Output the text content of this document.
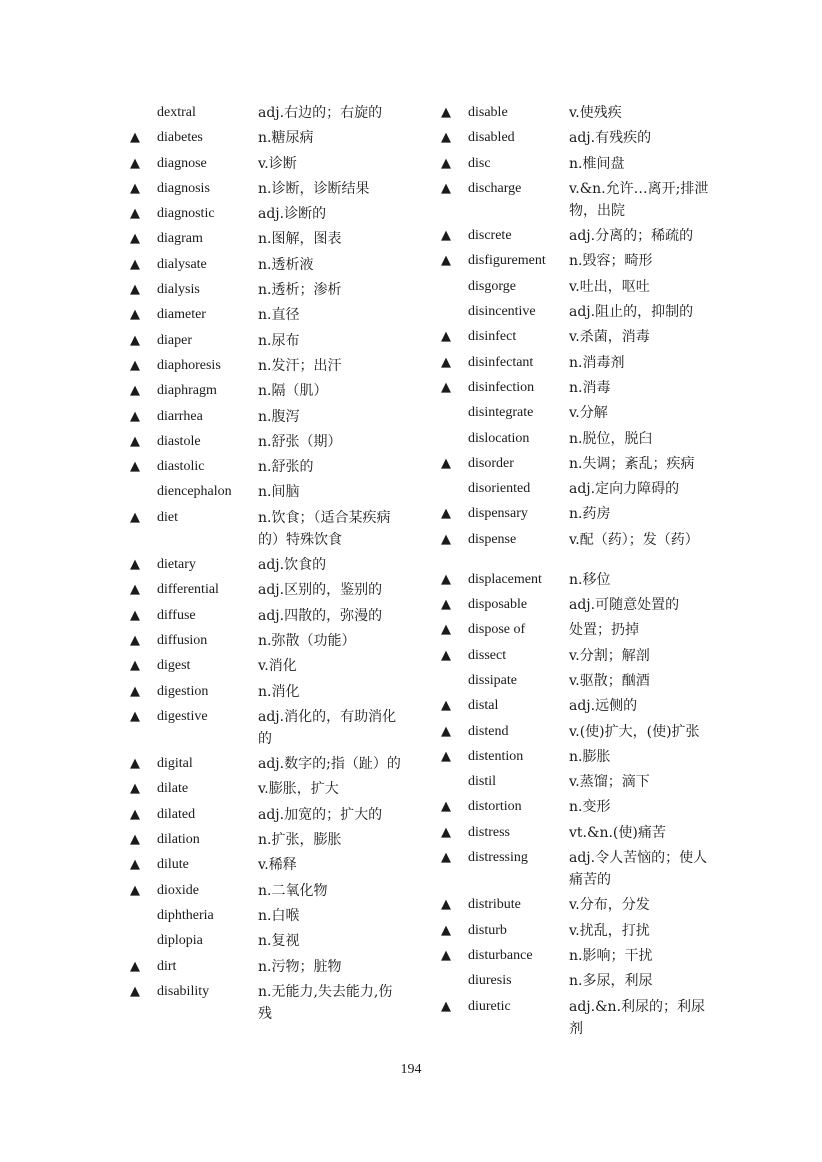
dextral	adj.右边的；右旋的
▲	diabetes	n.糖尿病
▲	diagnose	v.诊断
▲	diagnosis	n.诊断，诊断结果
▲	diagnostic	adj.诊断的
▲	diagram	n.图解，图表
▲	dialysate	n.透析液
▲	dialysis	n.透析；渗析
▲	diameter	n.直径
▲	diaper	n.尿布
▲	diaphoresis	n.发汗；出汗
▲	diaphragm	n.隔（肌）
▲	diarrhea	n.腹泻
▲	diastole	n.舒张（期）
▲	diastolic	n.舒张的
diencephalon	n.间脑
▲	diet	n.饮食；（适合某疾病的）特殊饮食
▲	dietary	adj.饮食的
▲	differential	adj.区别的，鉴别的
▲	diffuse	adj.四散的，弥漫的
▲	diffusion	n.弥散（功能）
▲	digest	v.消化
▲	digestion	n.消化
▲	digestive	adj.消化的，有助消化的
▲	digital	adj.数字的;指（趾）的
▲	dilate	v.膨胀，扩大
▲	dilated	adj.加宽的；扩大的
▲	dilation	n.扩张，膨胀
▲	dilute	v.稀释
▲	dioxide	n.二氧化物
diphtheria	n.白喉
diplopia	n.复视
▲	dirt	n.污物；脏物
▲	disability	n.无能力,失去能力,伤残
▲	disable	v.使残疾
▲	disabled	adj.有残疾的
▲	disc	n.椎间盘
▲	discharge	v.&n.允许…离开;排泄物，出院
▲	discrete	adj.分离的；稀疏的
▲	disfigurement	n.毁容；畸形
disgorge	v.吐出，呕吐
disincentive	adj.阻止的，抑制的
▲	disinfect	v.杀菌，消毒
▲	disinfectant	n.消毒剂
▲	disinfection	n.消毒
disintegrate	v.分解
dislocation	n.脱位，脱臼
▲	disorder	n.失调；紊乱；疾病
disoriented	adj.定向力障碍的
▲	dispensary	n.药房
▲	dispense	v.配（药）；发（药）
▲	displacement	n.移位
▲	disposable	adj.可随意处置的
▲	dispose of	处置；扔掉
▲	dissect	v.分割；解剖
dissipate	v.驱散；酗酒
▲	distal	adj.远侧的
▲	distend	v.(使)扩大，(使)扩张
▲	distention	n.膨胀
distil	v.蒸馏；滴下
▲	distortion	n.变形
▲	distress	vt.&n.(使)痛苦
▲	distressing	adj.令人苦恼的；使人痛苦的
▲	distribute	v.分布，分发
▲	disturb	v.扰乱，打扰
▲	disturbance	n.影响；干扰
diuresis	n.多尿，利尿
▲	diuretic	adj.&n.利尿的；利尿剂
194
